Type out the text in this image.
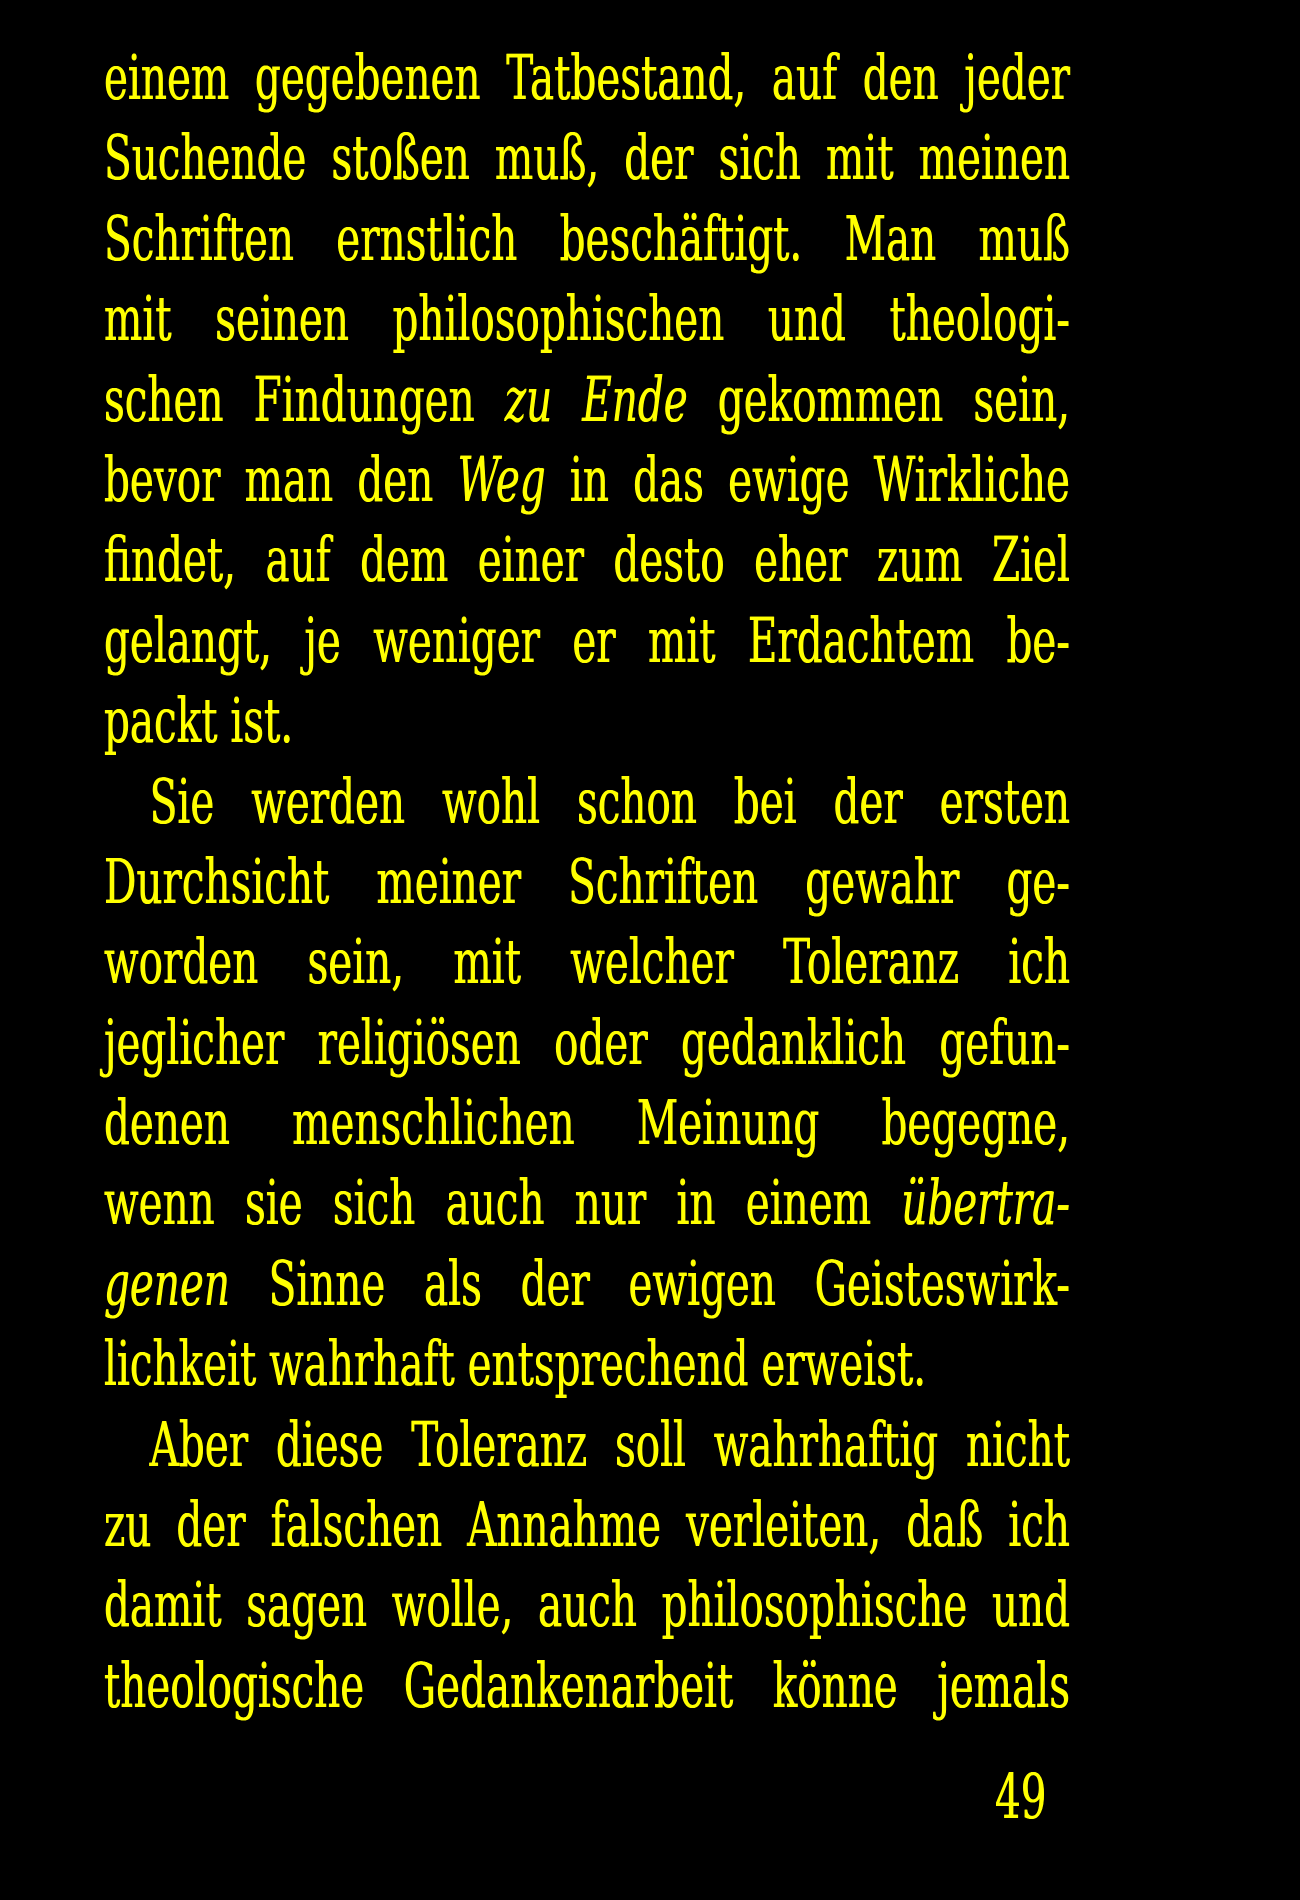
einem gegebenen Tatbestand, auf den jeder
Suchende stoßen muß, der sich mit meinen
Schriften ernstlich beschäftigt. Man muß
mit seinen philosophischen und theologi-
schen Findungen zu Ende gekommen sein,
bevor man den Weg in das ewige Wirkliche
findet, auf dem einer desto eher zum Ziel
gelangt, je weniger er mit Erdachtem be-
packt ist.
Sie werden wohl schon bei der ersten
Durchsicht meiner Schriften gewahr ge-
worden sein, mit welcher Toleranz ich
jeglicher religiösen oder gedanklich gefun-
denen menschlichen Meinung begegne,
wenn sie sich auch nur in einem übertra-
genen Sinne als der ewigen Geisteswirk-
lichkeit wahrhaft entsprechend erweist.
Aber diese Toleranz soll wahrhaftig nicht
zu der falschen Annahme verleiten, daß ich
damit sagen wolle, auch philosophische und
theologische Gedankenarbeit könne jemals
49
